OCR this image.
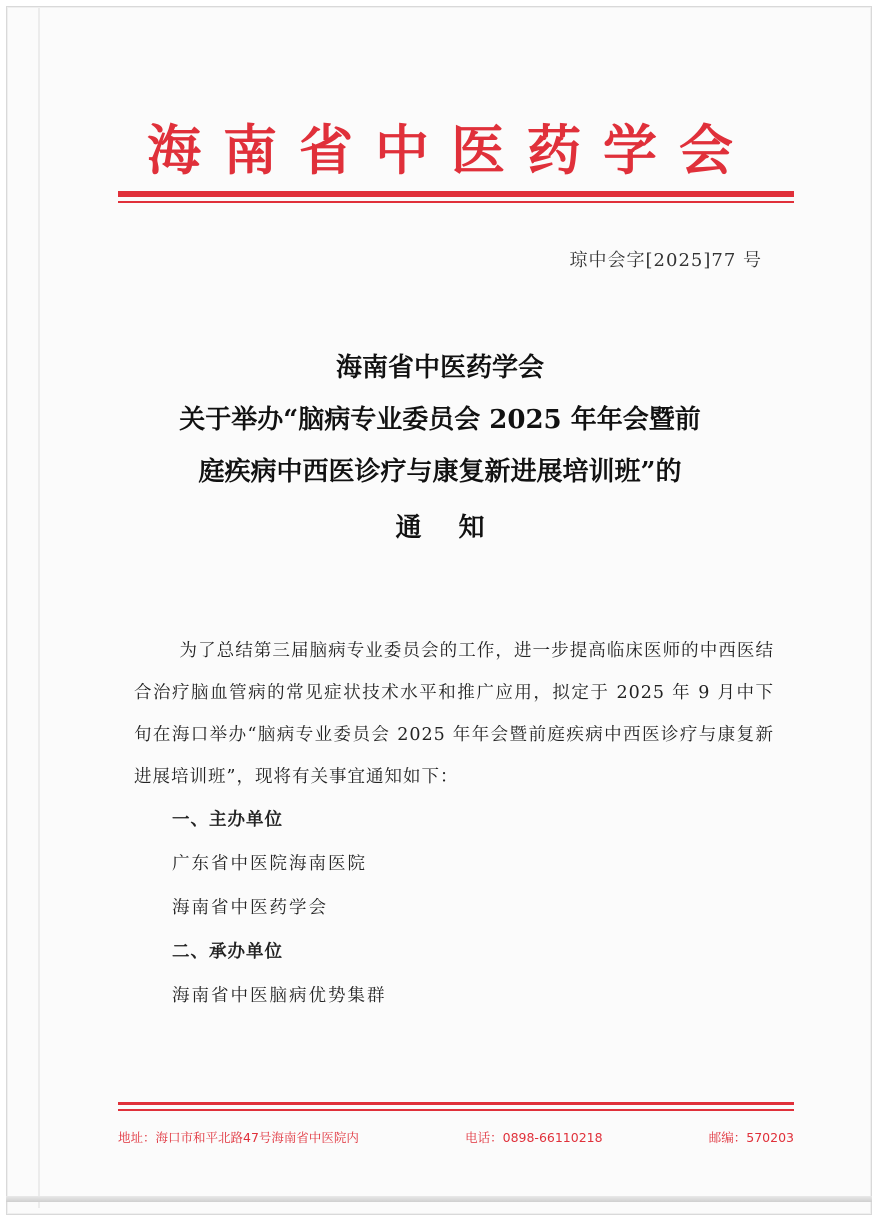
海南省中医药学会
琼中会字[2025]77 号

海南省中医药学会

关于举办“脑病专业委员会 2025 年年会暨前

庭疾病中西医诊疗与康复新进展培训班”的

通 知

为了总结第三届脑病专业委员会的工作，进一步提高临床医师的中西医结合治疗脑血管病的常见症状技术水平和推广应用，拟定于 2025 年 9 月中下旬在海口举办“脑病专业委员会 2025 年年会暨前庭疾病中西医诊疗与康复新进展培训班”，现将有关事宜通知如下：

一、主办单位

广东省中医院海南医院

海南省中医药学会

二、承办单位

海南省中医脑病优势集群

地址：海口市和平北路47号海南省中医院内	电话：0898-66110218	邮编：570203
